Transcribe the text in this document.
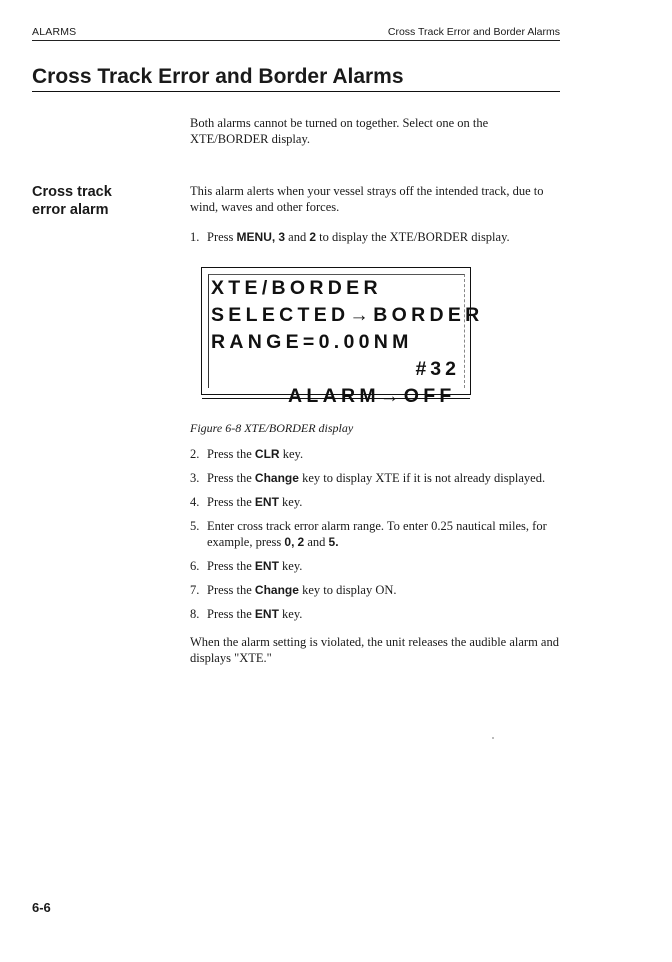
ALARMS	Cross Track Error and Border Alarms
Cross Track Error and Border Alarms

Both alarms cannot be turned on together. Select one on the XTE/BORDER display.

Cross track
error alarm

This alarm alerts when your vessel strays off the intended track, due to wind, waves and other forces.

1. Press MENU, 3 and 2 to display the XTE/BORDER display.
XTE/BORDER
SELECTED→BORDER
RANGE=0.00NM

ALARM→OFF

#32

Figure 6-8 XTE/BORDER display

2. Press the CLR key.
3. Press the Change key to display XTE if it is not already displayed.
4. Press the ENT key.
5. Enter cross track error alarm range. To enter 0.25 nautical miles, for example, press 0, 2 and 5.
6. Press the ENT key.
7. Press the Change key to display ON.
8. Press the ENT key.

When the alarm setting is violated, the unit releases the audible alarm and displays "XTE."

6-6
